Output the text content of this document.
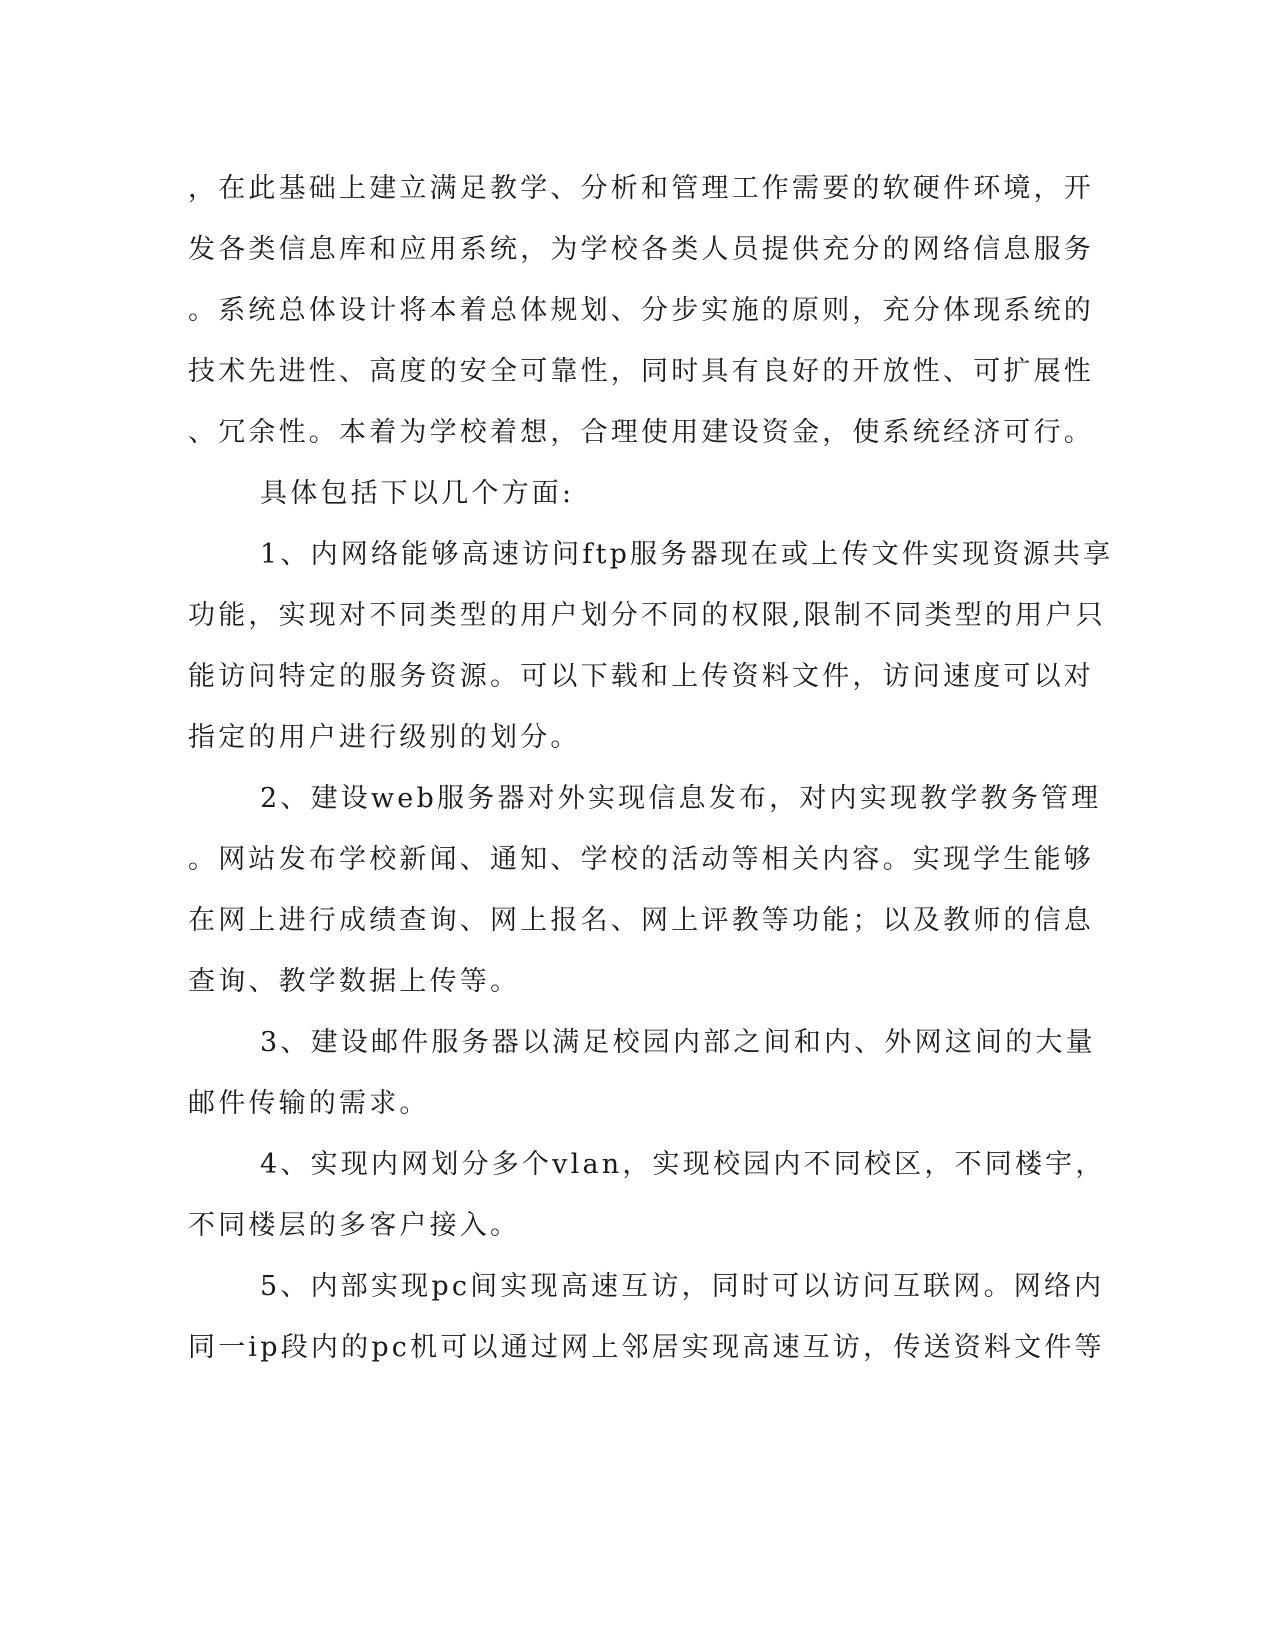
，在此基础上建立满足教学、分析和管理工作需要的软硬件环境，开
发各类信息库和应用系统，为学校各类人员提供充分的网络信息服务
。系统总体设计将本着总体规划、分步实施的原则，充分体现系统的
技术先进性、高度的安全可靠性，同时具有良好的开放性、可扩展性
、冗余性。本着为学校着想，合理使用建设资金，使系统经济可行。
具体包括下以几个方面:
1、内网络能够高速访问ftp服务器现在或上传文件实现资源共享
功能，实现对不同类型的用户划分不同的权限,限制不同类型的用户只
能访问特定的服务资源。可以下载和上传资料文件，访问速度可以对
指定的用户进行级别的划分。
2、建设web服务器对外实现信息发布，对内实现教学教务管理
。网站发布学校新闻、通知、学校的活动等相关内容。实现学生能够
在网上进行成绩查询、网上报名、网上评教等功能；以及教师的信息
查询、教学数据上传等。
3、建设邮件服务器以满足校园内部之间和内、外网这间的大量
邮件传输的需求。
4、实现内网划分多个vlan，实现校园内不同校区，不同楼宇，
不同楼层的多客户接入。
5、内部实现pc间实现高速互访，同时可以访问互联网。网络内
同一ip段内的pc机可以通过网上邻居实现高速互访，传送资料文件等
